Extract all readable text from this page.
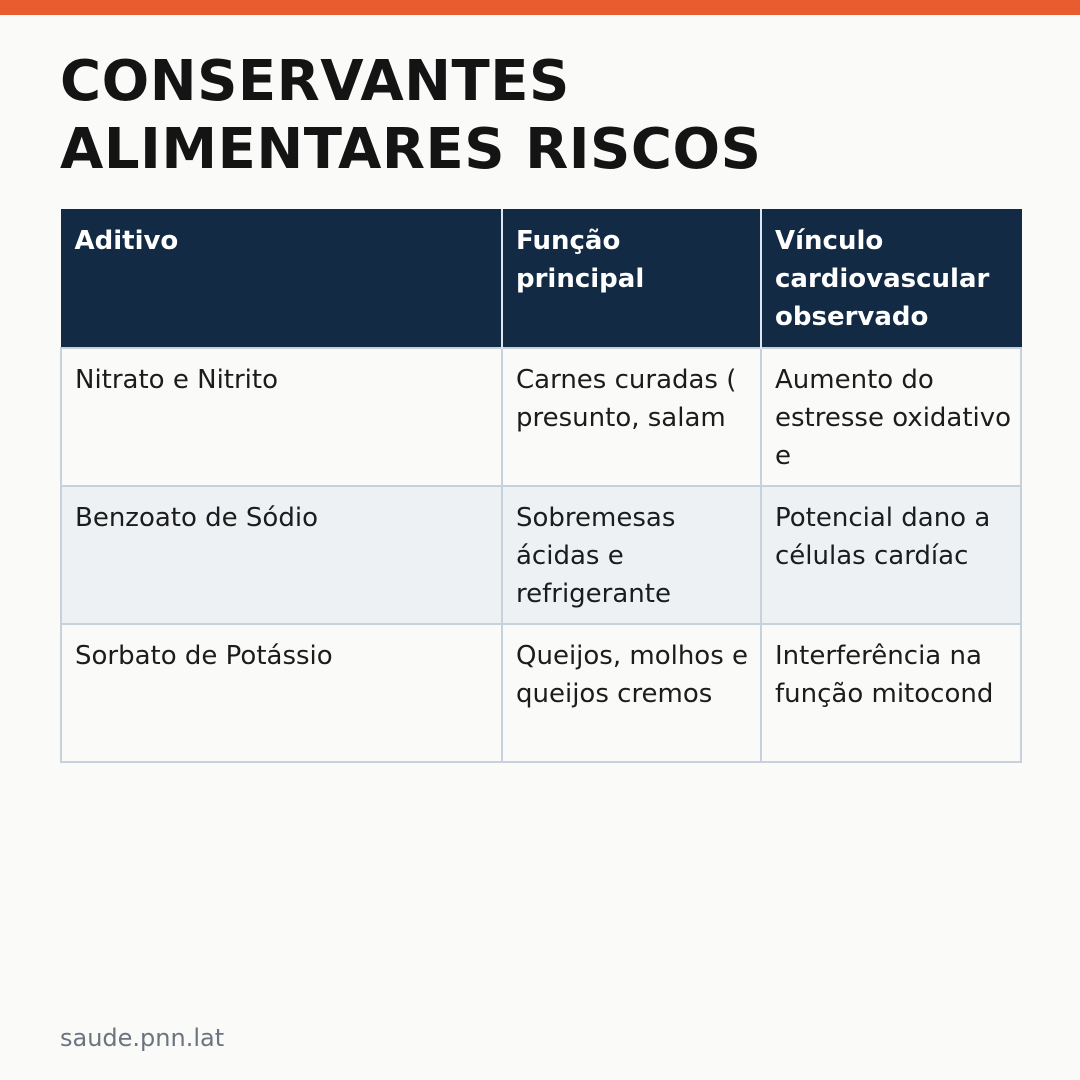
CONSERVANTES
ALIMENTARES RISCOS
Aditivo	Função principal	Vínculo cardiovascular observado
Nitrato e Nitrito	Carnes curadas ( presunto, salam	Aumento do estresse oxidativo e
Benzoato de Sódio	Sobremesas ácidas e refrigerante	Potencial dano a células cardíac
Sorbato de Potássio	Queijos, molhos e queijos cremos	Interferência na função mitocond
saude.pnn.lat
